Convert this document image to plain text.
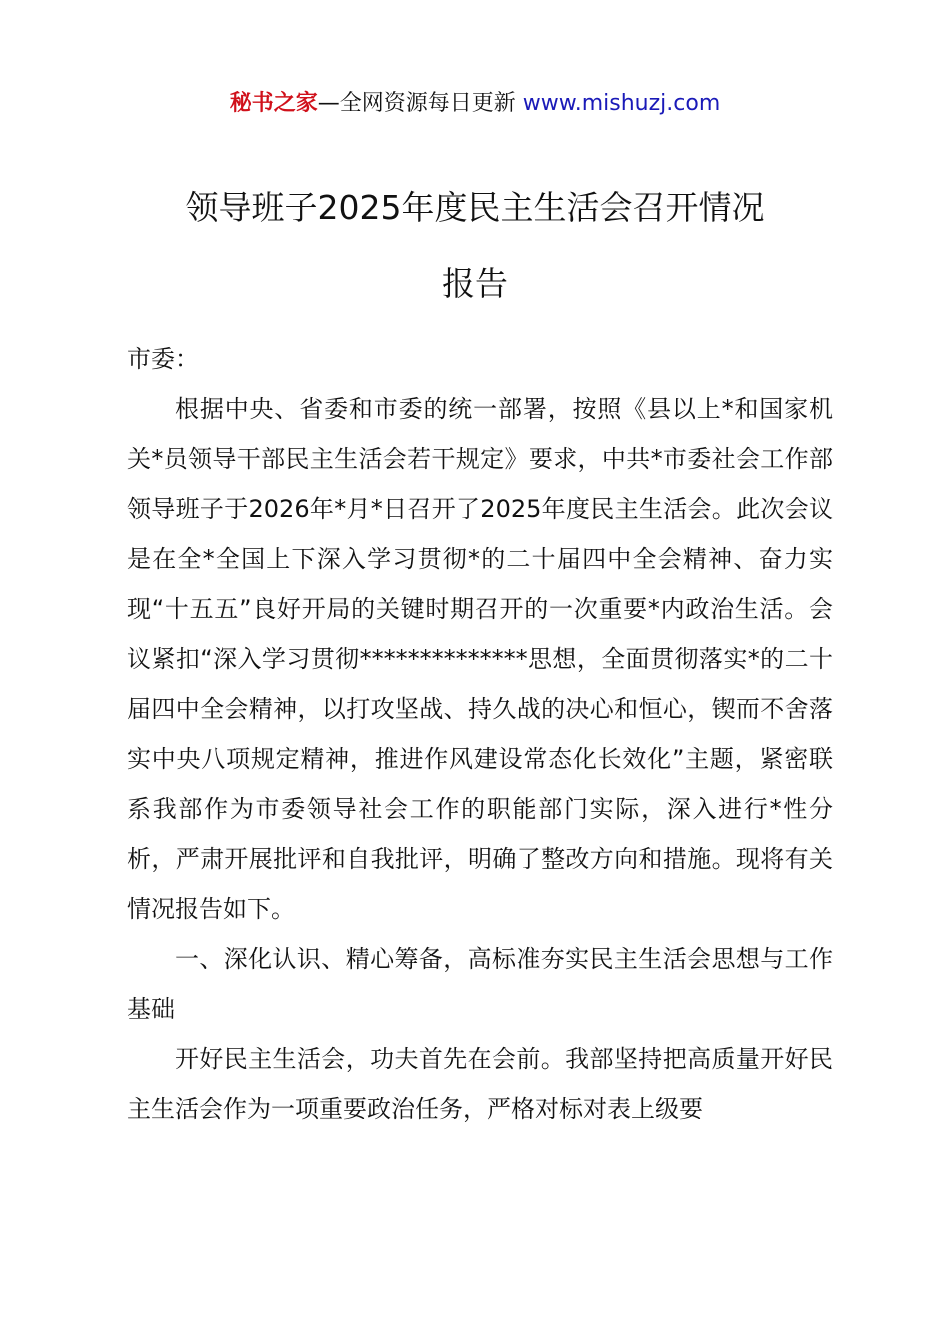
秘书之家—全网资源每日更新 www.mishuzj.com
领导班子2025年度民主生活会召开情况
报告

市委：

根据中央、省委和市委的统一部署，按照《县以上*和国家机关*员领导干部民主生活会若干规定》要求，中共*市委社会工作部领导班子于2026年*月*日召开了2025年度民主生活会。此次会议是在全*全国上下深入学习贯彻*的二十届四中全会精神、奋力实现“十五五”良好开局的关键时期召开的一次重要*内政治生活。会议紧扣“深入学习贯彻**************思想，全面贯彻落实*的二十届四中全会精神，以打攻坚战、持久战的决心和恒心，锲而不舍落实中央八项规定精神，推进作风建设常态化长效化”主题，紧密联系我部作为市委领导社会工作的职能部门实际，深入进行*性分析，严肃开展批评和自我批评，明确了整改方向和措施。现将有关情况报告如下。

一、深化认识、精心筹备，高标准夯实民主生活会思想与工作基础

开好民主生活会，功夫首先在会前。我部坚持把高质量开好民主生活会作为一项重要政治任务，严格对标对表上级要
